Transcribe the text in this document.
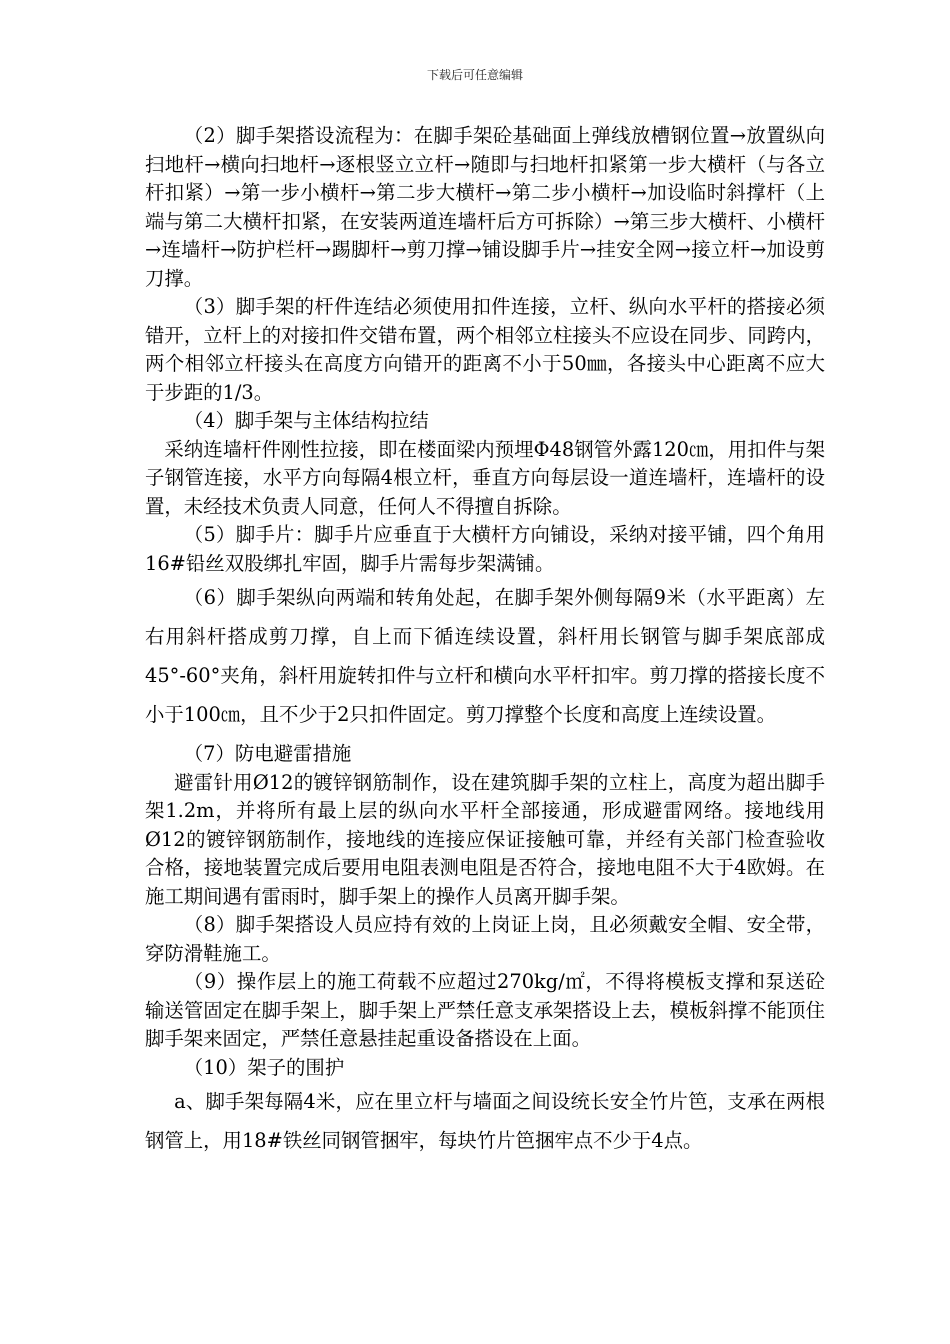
下载后可任意编辑

（2）脚手架搭设流程为：在脚手架砼基础面上弹线放槽钢位置→放置纵向扫地杆→横向扫地杆→逐根竖立立杆→随即与扫地杆扣紧第一步大横杆（与各立杆扣紧）→第一步小横杆→第二步大横杆→第二步小横杆→加设临时斜撑杆（上端与第二大横杆扣紧，在安装两道连墙杆后方可拆除）→第三步大横杆、小横杆→连墙杆→防护栏杆→踢脚杆→剪刀撑→铺设脚手片→挂安全网→接立杆→加设剪刀撑。

（3）脚手架的杆件连结必须使用扣件连接，立杆、纵向水平杆的搭接必须错开，立杆上的对接扣件交错布置，两个相邻立柱接头不应设在同步、同跨内，两个相邻立杆接头在高度方向错开的距离不小于50㎜，各接头中心距离不应大于步距的1/3。

（4）脚手架与主体结构拉结

采纳连墙杆件刚性拉接，即在楼面梁内预埋Φ48钢管外露120㎝，用扣件与架子钢管连接，水平方向每隔4根立杆，垂直方向每层设一道连墙杆，连墙杆的设置，未经技术负责人同意，任何人不得擅自拆除。

（5）脚手片：脚手片应垂直于大横杆方向铺设，采纳对接平铺，四个角用16#铅丝双股绑扎牢固，脚手片需每步架满铺。

（6）脚手架纵向两端和转角处起，在脚手架外侧每隔9米（水平距离）左右用斜杆搭成剪刀撑，自上而下循连续设置，斜杆用长钢管与脚手架底部成45°-60°夹角，斜杆用旋转扣件与立杆和横向水平杆扣牢。剪刀撑的搭接长度不小于100㎝，且不少于2只扣件固定。剪刀撑整个长度和高度上连续设置。

（7）防电避雷措施

避雷针用Ø12的镀锌钢筋制作，设在建筑脚手架的立柱上，高度为超出脚手架1.2m，并将所有最上层的纵向水平杆全部接通，形成避雷网络。接地线用Ø12的镀锌钢筋制作，接地线的连接应保证接触可靠，并经有关部门检查验收合格，接地装置完成后要用电阻表测电阻是否符合，接地电阻不大于4欧姆。在施工期间遇有雷雨时，脚手架上的操作人员离开脚手架。

（8）脚手架搭设人员应持有效的上岗证上岗，且必须戴安全帽、安全带，穿防滑鞋施工。

（9）操作层上的施工荷载不应超过270kg/㎡，不得将模板支撑和泵送砼输送管固定在脚手架上，脚手架上严禁任意支承架搭设上去，模板斜撑不能顶住脚手架来固定，严禁任意悬挂起重设备搭设在上面。

（10）架子的围护

a、脚手架每隔4米，应在里立杆与墙面之间设统长安全竹片笆，支承在两根钢管上，用18#铁丝同钢管捆牢，每块竹片笆捆牢点不少于4点。
